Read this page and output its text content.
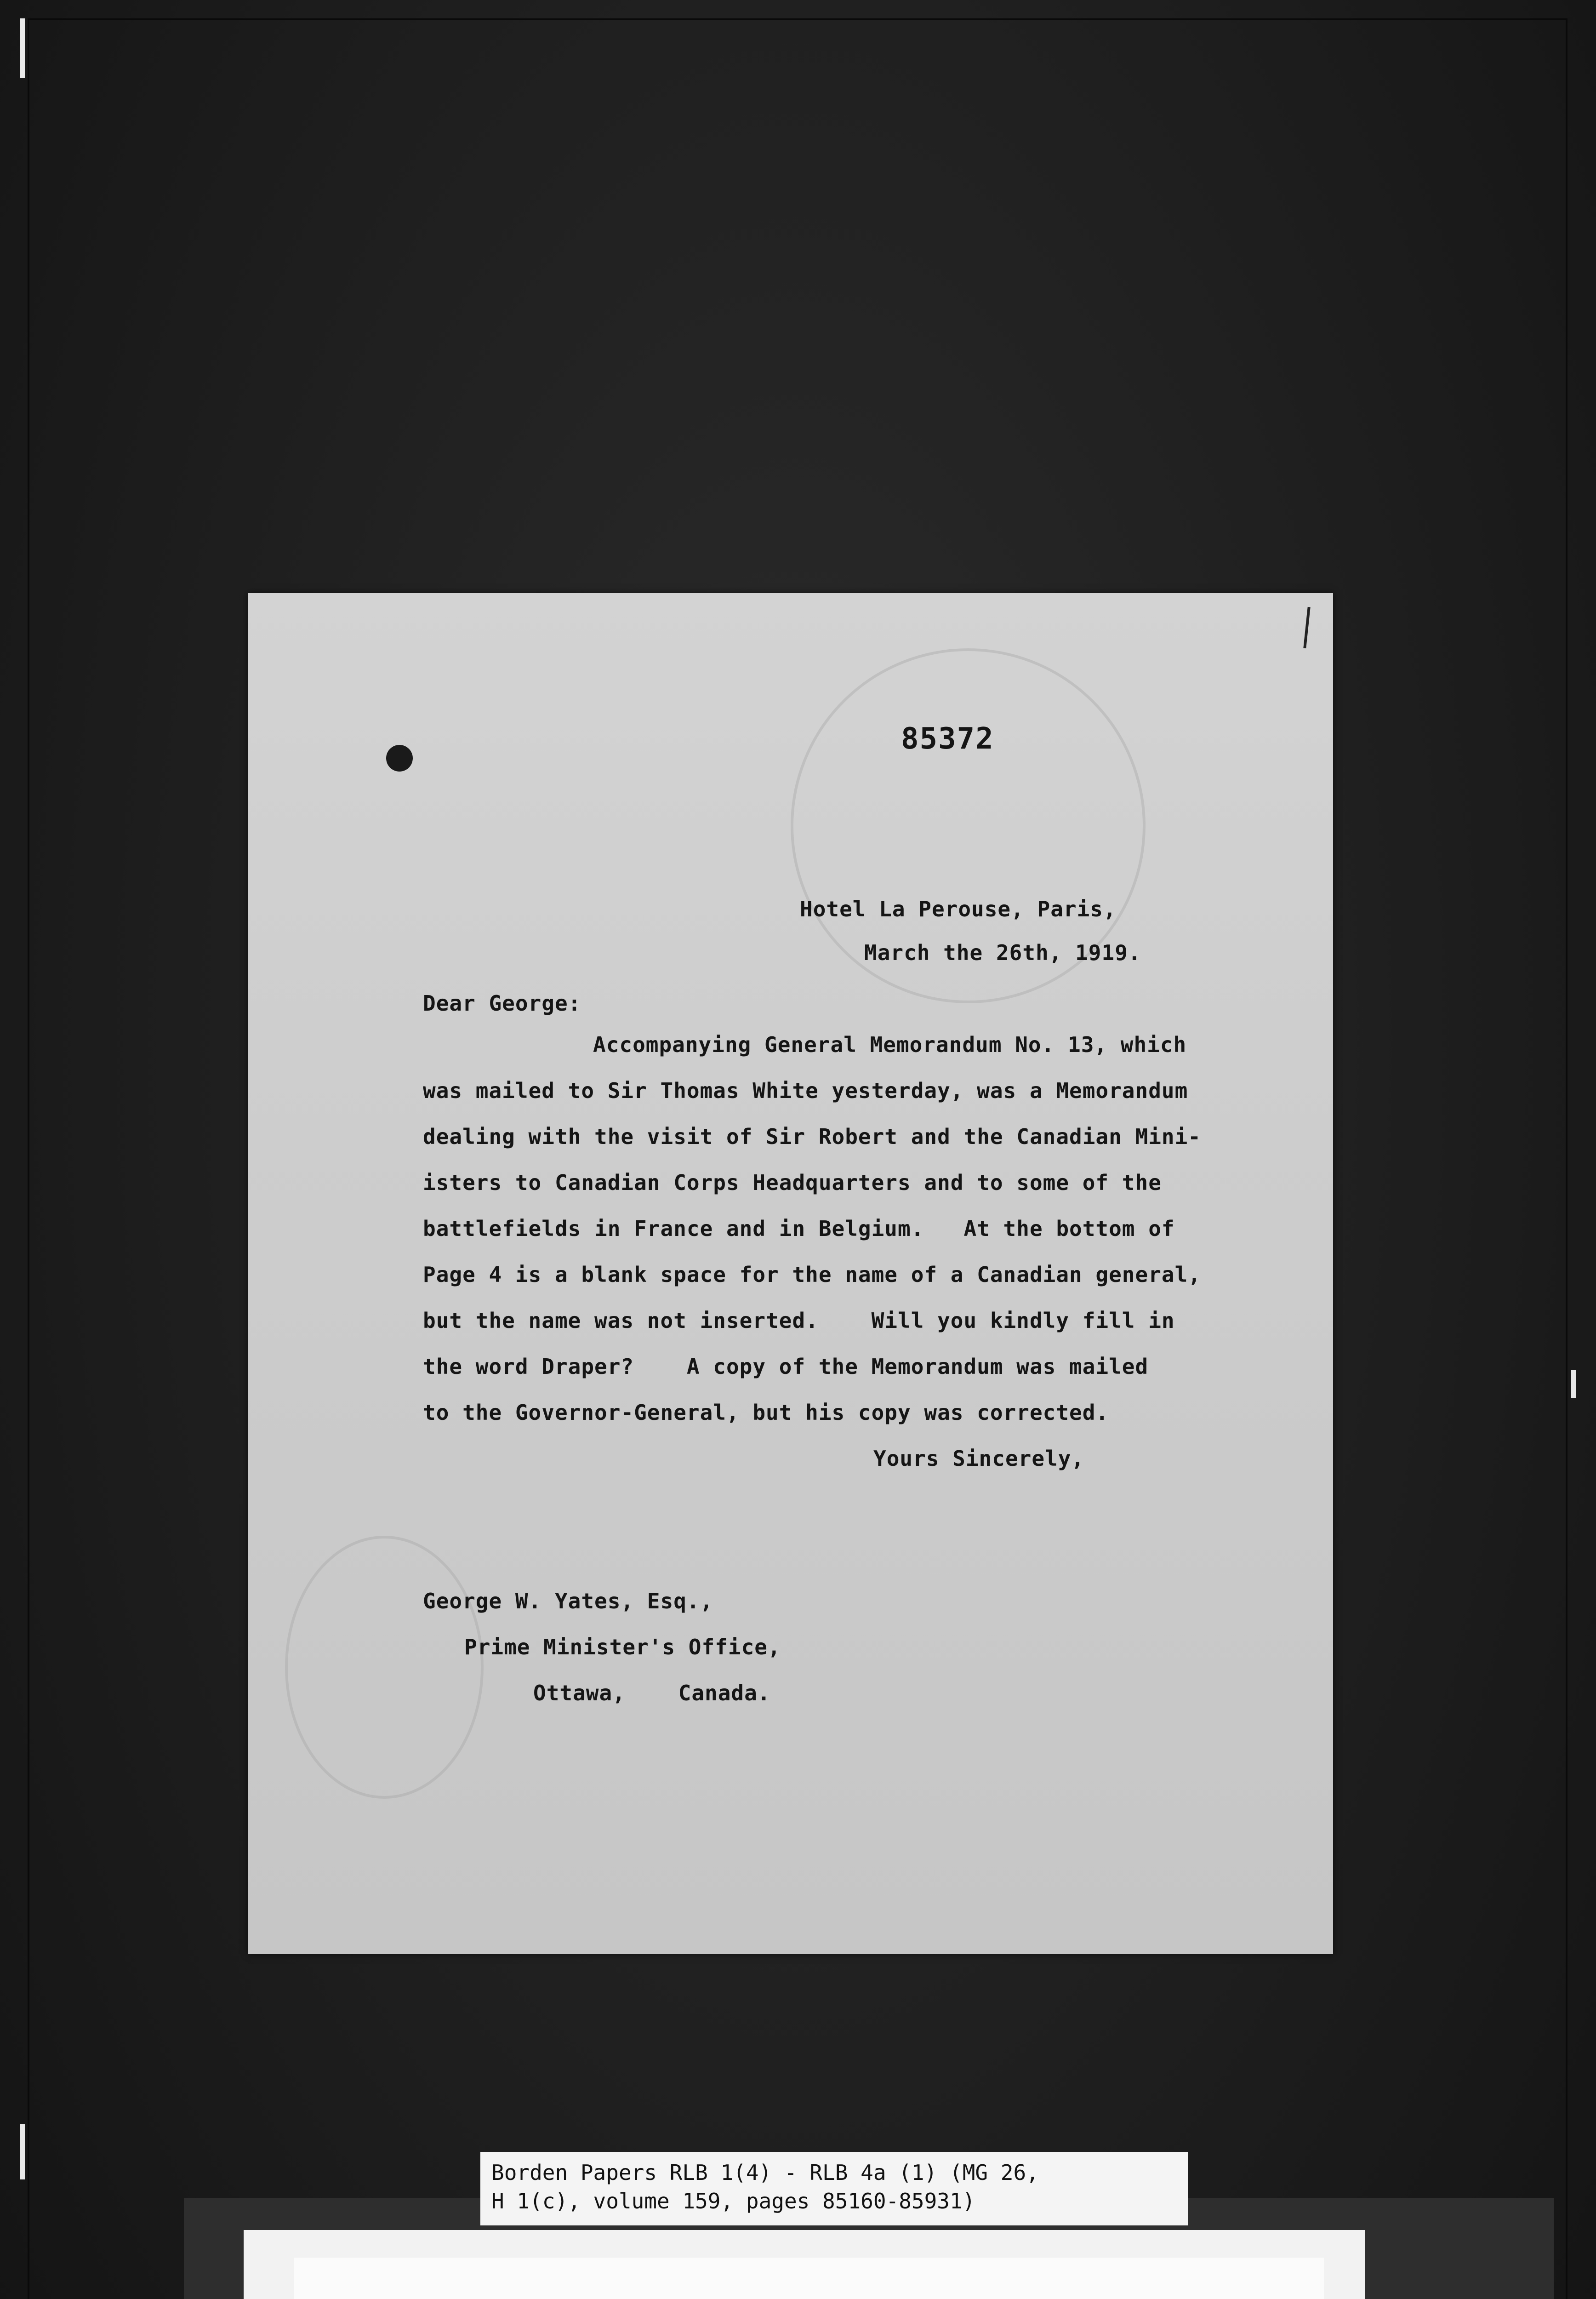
85372
Hotel La Perouse, Paris,
March the 26th, 1919.
Dear George:
Accompanying General Memorandum No. 13, which
was mailed to Sir Thomas White yesterday, was a Memorandum
dealing with the visit of Sir Robert and the Canadian Mini-
isters to Canadian Corps Headquarters and to some of the
battlefields in France and in Belgium.   At the bottom of
Page 4 is a blank space for the name of a Canadian general,
but the name was not inserted.    Will you kindly fill in
the word Draper?    A copy of the Memorandum was mailed
to the Governor-General, but his copy was corrected.
Yours Sincerely,
George W. Yates, Esq.,
Prime Minister's Office,
Ottawa,    Canada.
Borden Papers RLB 1(4) - RLB 4a (1) (MG 26,
H 1(c), volume 159, pages 85160-85931)
